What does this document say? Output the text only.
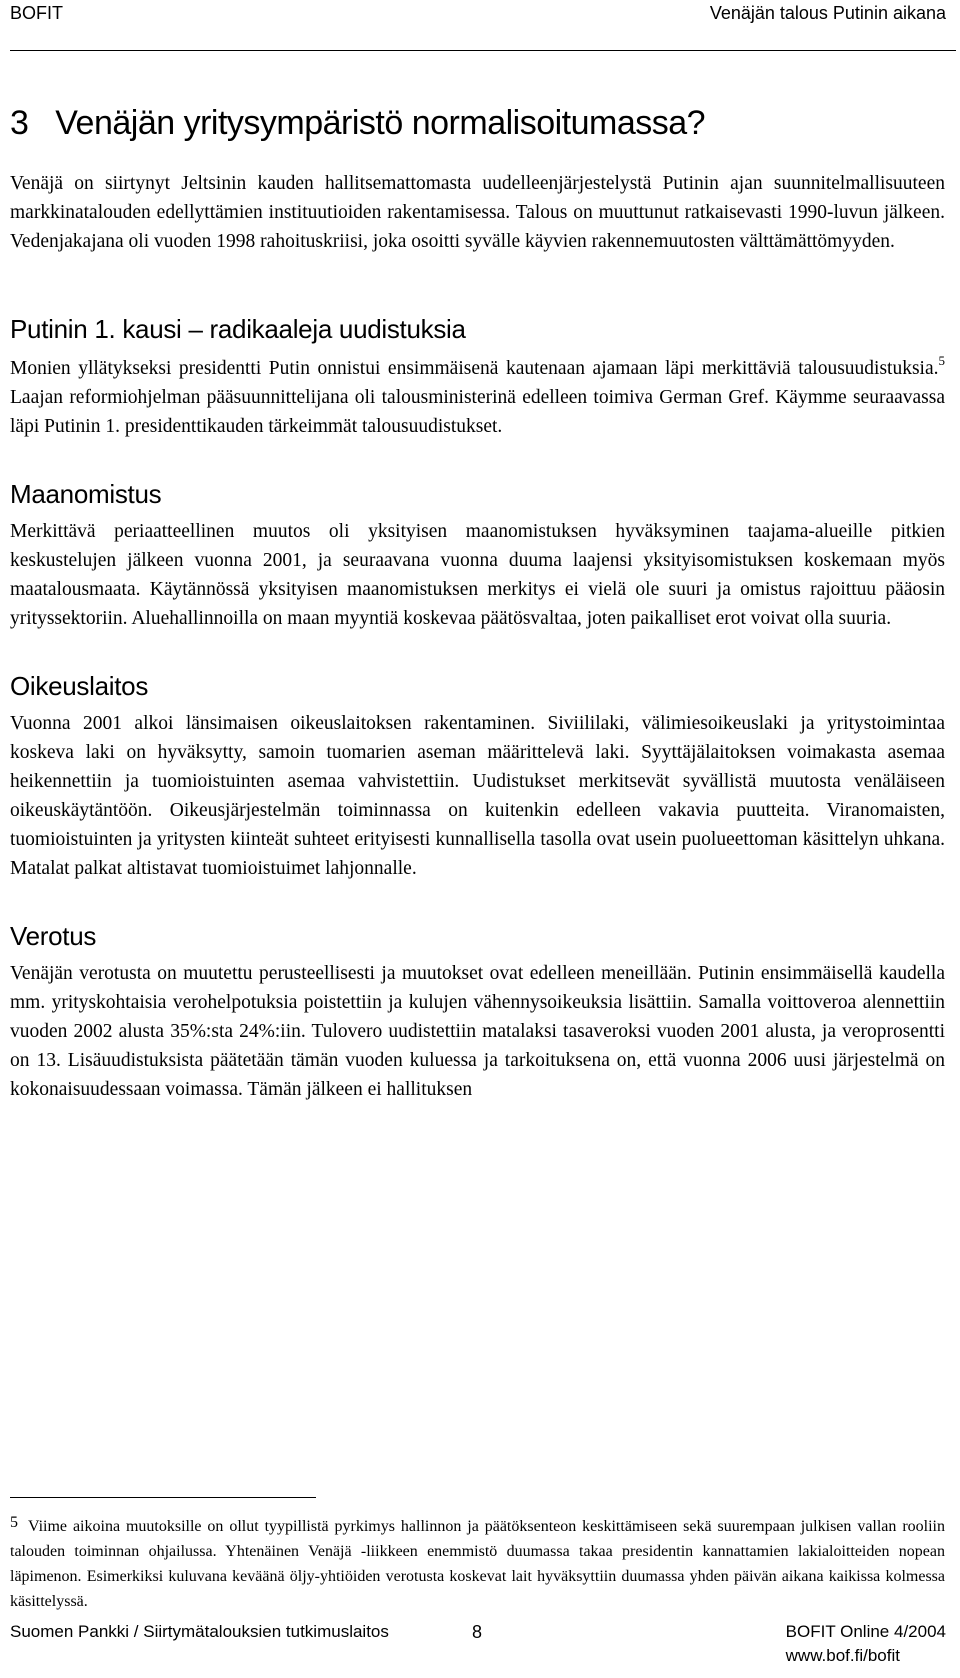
BOFIT	Venäjän talous Putinin aikana
3   Venäjän yritysympäristö normalisoitumassa?

Venäjä on siirtynyt Jeltsinin kauden hallitsemattomasta uudelleenjärjestelystä Putinin ajan suunnitelmallisuuteen markkinatalouden edellyttämien instituutioiden rakentamisessa. Talous on muuttunut ratkaisevasti 1990-luvun jälkeen. Vedenjakajana oli vuoden 1998 rahoituskriisi, joka osoitti syvälle käyvien rakennemuutosten välttämättömyyden.

Putinin 1. kausi – radikaaleja uudistuksia

Monien yllätykseksi presidentti Putin onnistui ensimmäisenä kautenaan ajamaan läpi merkittäviä talousuudistuksia.$^5$ Laajan reformiohjelman pääsuunnittelijana oli talousministerinä edelleen toimiva German Gref. Käymme seuraavassa läpi Putinin 1. presidenttikauden tärkeimmät talousuudistukset.

Maanomistus

Merkittävä periaatteellinen muutos oli yksityisen maanomistuksen hyväksyminen taajama-alueille pitkien keskustelujen jälkeen vuonna 2001, ja seuraavana vuonna duuma laajensi yksityisomistuksen koskemaan myös maatalousmaata. Käytännössä yksityisen maanomistuksen merkitys ei vielä ole suuri ja omistus rajoittuu pääosin yrityssektoriin. Aluehallinnoilla on maan myyntiä koskevaa päätösvaltaa, joten paikalliset erot voivat olla suuria.

Oikeuslaitos

Vuonna 2001 alkoi länsimaisen oikeuslaitoksen rakentaminen. Siviililaki, välimiesoikeuslaki ja yritystoimintaa koskeva laki on hyväksytty, samoin tuomarien aseman määrittelevä laki. Syyttäjälaitoksen voimakasta asemaa heikennettiin ja tuomioistuinten asemaa vahvistettiin. Uudistukset merkitsevät syvällistä muutosta venäläiseen oikeuskäytäntöön. Oikeusjärjestelmän toiminnassa on kuitenkin edelleen vakavia puutteita. Viranomaisten, tuomioistuinten ja yritysten kiinteät suhteet erityisesti kunnallisella tasolla ovat usein puolueettoman käsittelyn uhkana. Matalat palkat altistavat tuomioistuimet lahjonnalle.

Verotus

Venäjän verotusta on muutettu perusteellisesti ja muutokset ovat edelleen meneillään. Putinin ensimmäisellä kaudella mm. yrityskohtaisia verohelpotuksia poistettiin ja kulujen vähennysoikeuksia lisättiin. Samalla voittoveroa alennettiin vuoden 2002 alusta 35%:sta 24%:iin. Tulovero uudistettiin matalaksi tasaveroksi vuoden 2001 alusta, ja veroprosentti on 13. Lisäuudistuksista päätetään tämän vuoden kuluessa ja tarkoituksena on, että vuonna 2006 uusi järjestelmä on kokonaisuudessaan voimassa. Tämän jälkeen ei hallituksen

5 Viime aikoina muutoksille on ollut tyypillistä pyrkimys hallinnon ja päätöksenteon keskittämiseen sekä suurempaan julkisen vallan rooliin talouden toiminnan ohjailussa. Yhtenäinen Venäjä -liikkeen enemmistö duumassa takaa presidentin kannattamien lakialoitteiden nopean läpimenon. Esimerkiksi kuluvana keväänä öljy-yhtiöiden verotusta koskevat lait hyväksyttiin duumassa yhden päivän aikana kaikissa kolmessa käsittelyssä.
Suomen Pankki / Siirtymätalouksien tutkimuslaitos	8	BOFIT Online 4/2004
www.bof.fi/bofit
